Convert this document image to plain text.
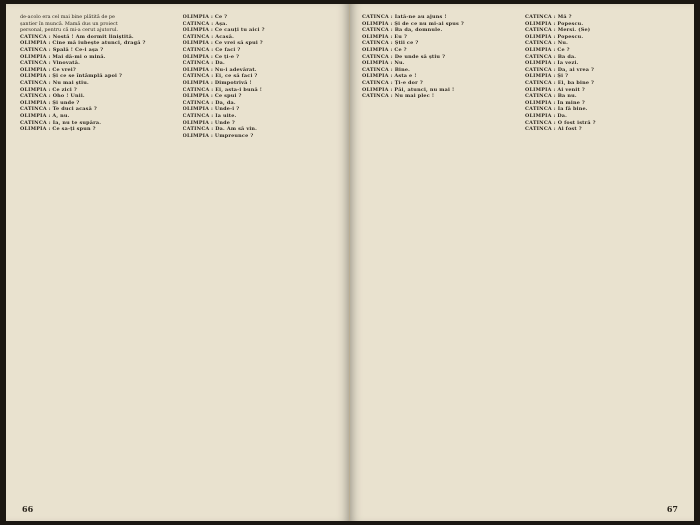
de-acolo era cel mai bine plătită de pe
șantier în muncă. Mamă dus un proiect
personal, pentru că mi-a cerut ajutorul.
CATINCA : Nostă ! Am dormit liniștită.
OLIMPIA : Cine mă iubește atunci, dragă ?
CATINCA : Spală ! Ce-i așa ?
OLIMPIA : Mai dă-mi o mină.
CATINCA : Vinovată.
OLIMPIA : Ce vrei?
OLIMPIA : Și ce se întâmplă apoi ?
CATINCA : Nu mai știu.
OLIMPIA : Ce zici ?
CATINCA : Oho ! Unii.
OLIMPIA : Și unde ?
CATINCA : Te duci acasă ?
OLIMPIA : A, nu.
CATINCA : Ia, nu te supăra.
OLIMPIA : Ce sa-ți spun ?
OLIMPIA : Ce ?
CATINCA : Așa.
OLIMPIA : Ce cauți tu aici ?
CATINCA : Acasă.
OLIMPIA : Ce vrei să spui ?
CATINCA : Ce faci ?
OLIMPIA : Ce ți-e ?
CATINCA : Da.
OLIMPIA : Nu-i adevărat.
CATINCA : Ei, ce să faci ?
OLIMPIA : Dimpotrivă !
CATINCA : Ei, asta-i bună !
OLIMPIA : Ce spui ?
CATINCA : Da, da.
OLIMPIA : Unde-i ?
CATINCA : Ia uite.
OLIMPIA : Unde ?
CATINCA : Da. Am să vin.
OLIMPIA : Umpreunce ?
66
CATINCA : Iată-ne au ajuns !
OLIMPIA : Și de ce nu mi-ai spus ?
CATINCA : Ba da, domnule.
OLIMPIA : Eu ?
CATINCA : Știi ce ?
OLIMPIA : Ce ?
CATINCA : De unde să știu ?
OLIMPIA : Nu.
CATINCA : Bine.
OLIMPIA : Asta e !
CATINCA : Ți-e dor ?
OLIMPIA : Păi, atunci, nu mai !
CATINCA : Nu mai plec !
CATINCA : Mă ?
OLIMPIA : Popescu.
CATINCA : Mersi. (Se)
OLIMPIA : Popescu.
CATINCA : Nu.
OLIMPIA : Ce ?
CATINCA : Ba da.
OLIMPIA : Ia vezi.
CATINCA : Da, ai vrea ?
OLIMPIA : Și ?
CATINCA : Ei, ba bine ?
OLIMPIA : Ai venit ?
CATINCA : Ba nu.
OLIMPIA : În mine ?
CATINCA : Ia fă bine.
OLIMPIA : Da.
CATINCA : O fost istră ?
CATINCA : Ai fost ?
67
